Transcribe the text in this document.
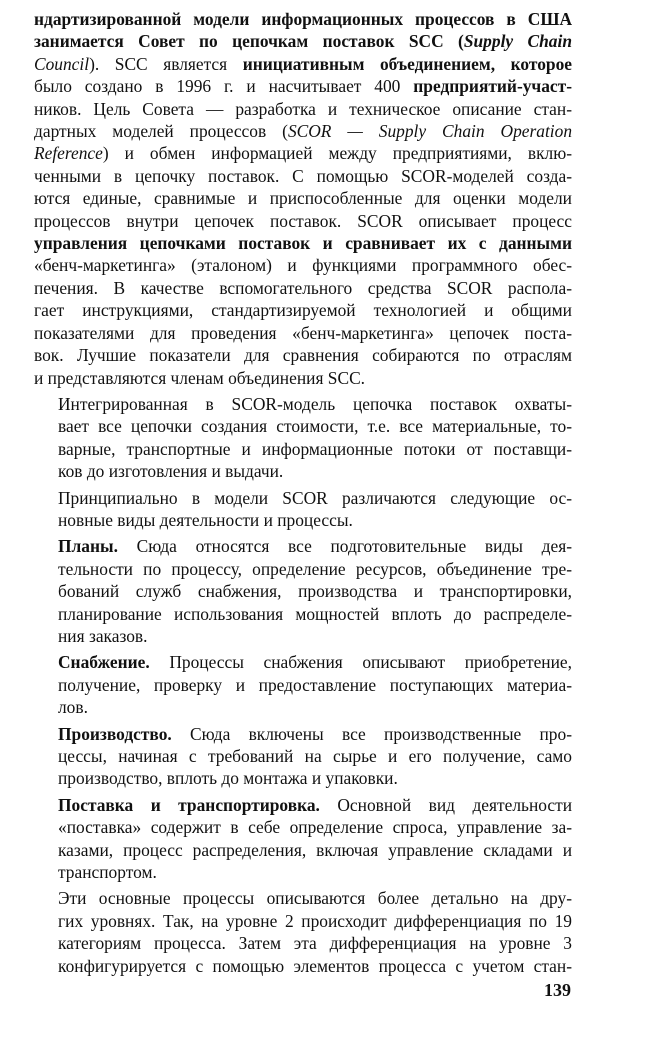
ндартизированной модели информационных процессов в США
занимается Совет по цепочкам поставок SCC (Supply Chain
Council). SCC является инициативным объединением, которое
было создано в 1996 г. и насчитывает 400 предприятий-участ-
ников. Цель Совета — разработка и техническое описание стан-
дартных моделей процессов (SCOR — Supply Chain Operation
Reference) и обмен информацией между предприятиями, вклю-
ченными в цепочку поставок. С помощью SCOR-моделей созда-
ются единые, сравнимые и приспособленные для оценки модели
процессов внутри цепочек поставок. SCOR описывает процесс
управления цепочками поставок и сравнивает их с данными
«бенч-маркетинга» (эталоном) и функциями программного обес-
печения. В качестве вспомогательного средства SCOR распола-
гает инструкциями, стандартизируемой технологией и общими
показателями для проведения «бенч-маркетинга» цепочек поста-
вок. Лучшие показатели для сравнения собираются по отраслям
и представляются членам объединения SCC.
Интегрированная в SCOR-модель цепочка поставок охваты-
вает все цепочки создания стоимости, т.е. все материальные, то-
варные, транспортные и информационные потоки от поставщи-
ков до изготовления и выдачи.
Принципиально в модели SCOR различаются следующие ос-
новные виды деятельности и процессы.
Планы. Сюда относятся все подготовительные виды дея-
тельности по процессу, определение ресурсов, объединение тре-
бований служб снабжения, производства и транспортировки,
планирование использования мощностей вплоть до распределе-
ния заказов.
Снабжение. Процессы снабжения описывают приобретение,
получение, проверку и предоставление поступающих материа-
лов.
Производство. Сюда включены все производственные про-
цессы, начиная с требований на сырье и его получение, само
производство, вплоть до монтажа и упаковки.
Поставка и транспортировка. Основной вид деятельности
«поставка» содержит в себе определение спроса, управление за-
казами, процесс распределения, включая управление складами и
транспортом.
Эти основные процессы описываются более детально на дру-
гих уровнях. Так, на уровне 2 происходит дифференциация по 19
категориям процесса. Затем эта дифференциация на уровне 3
конфигурируется с помощью элементов процесса с учетом стан-
139
